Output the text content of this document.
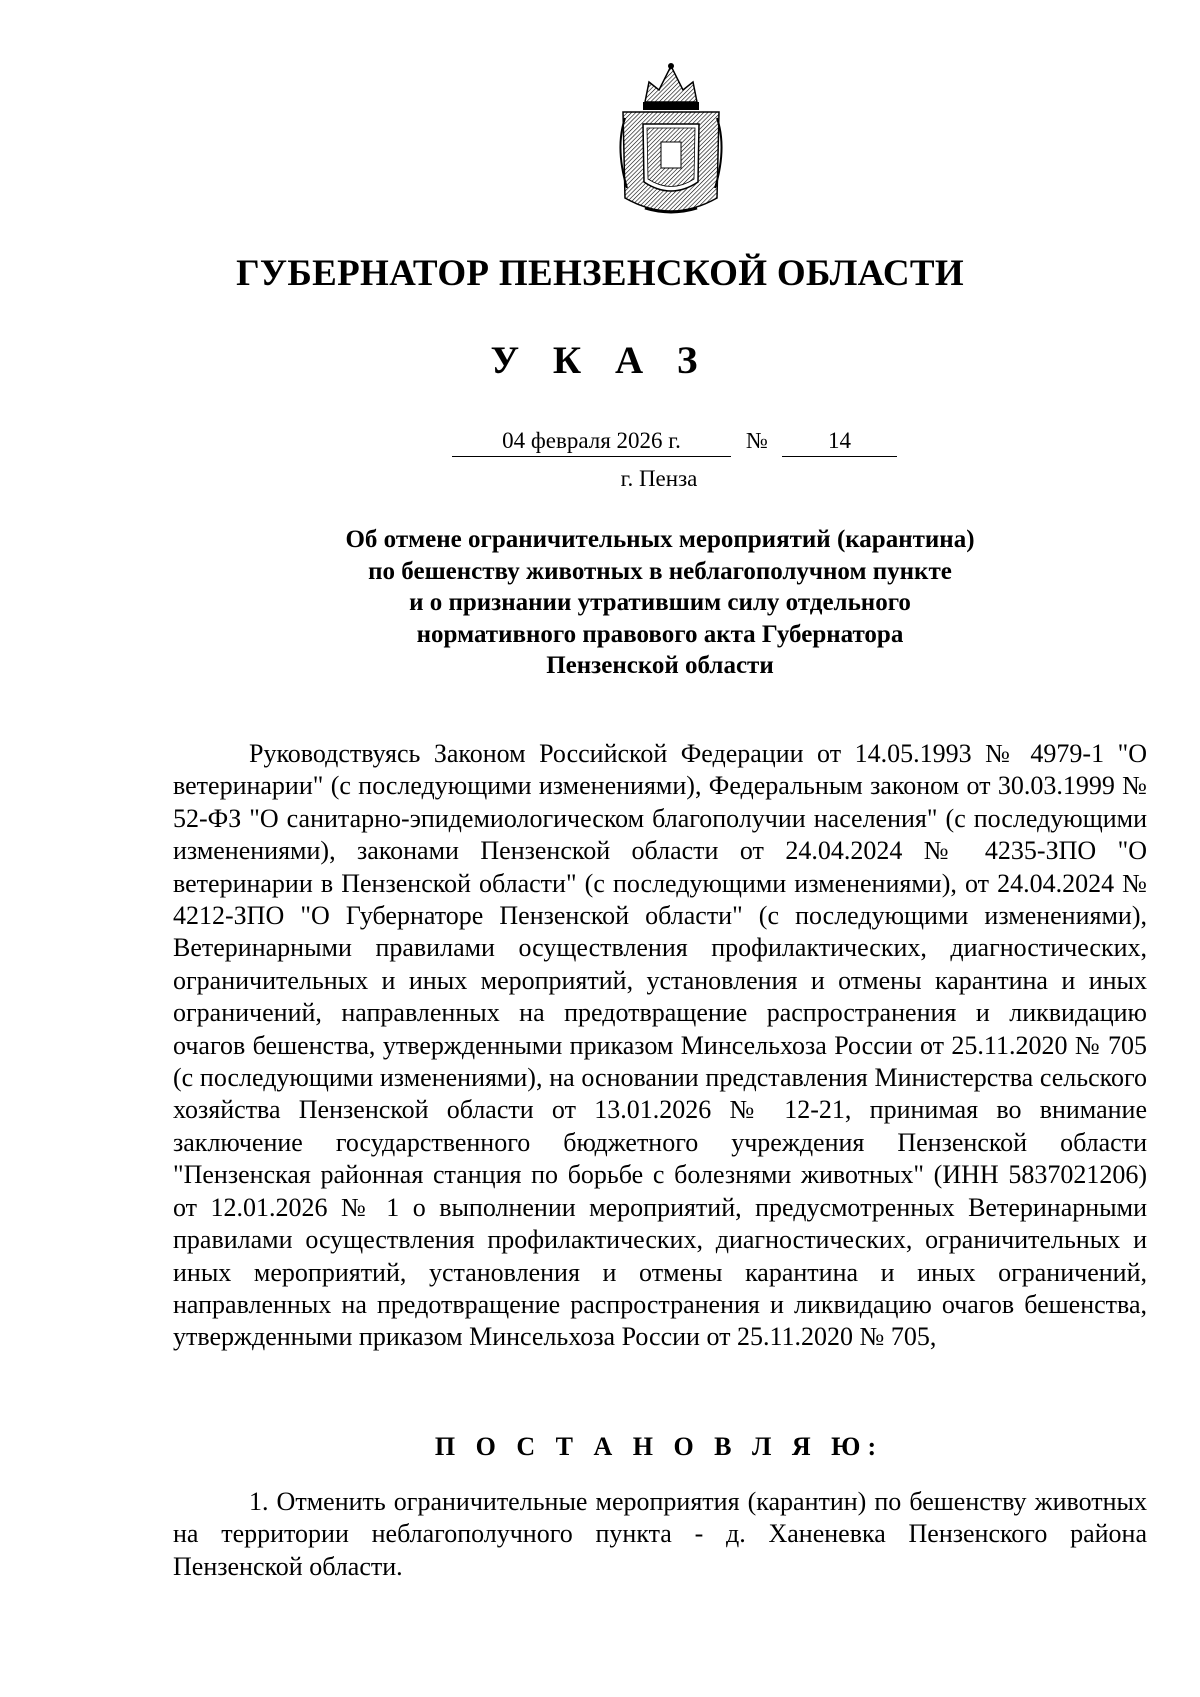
ГУБЕРНАТОР ПЕНЗЕНСКОЙ ОБЛАСТИ
У К А З
04 февраля 2026 г.	№	14
г. Пенза
Об отмене ограничительных мероприятий (карантина)
по бешенству животных в неблагополучном пункте
и о признании утратившим силу отдельного
нормативного правового акта Губернатора
Пензенской области

Руководствуясь Законом Российской Федерации от 14.05.1993 № 4979-1 "О ветеринарии" (с последующими изменениями), Федеральным законом от 30.03.1999 № 52-ФЗ "О санитарно-эпидемиологическом благополучии населения" (с последующими изменениями), законами Пензенской области от 24.04.2024 № 4235-ЗПО "О ветеринарии в Пензенской области" (с последующими изменениями), от 24.04.2024 № 4212-ЗПО "О Губернаторе Пензенской области" (с последующими изменениями), Ветеринарными правилами осуществления профилактических, диагностических, ограничительных и иных мероприятий, установления и отмены карантина и иных ограничений, направленных на предотвращение распространения и ликвидацию очагов бешенства, утвержденными приказом Минсельхоза России от 25.11.2020 № 705 (с последующими изменениями), на основании представления Министерства сельского хозяйства Пензенской области от 13.01.2026 № 12-21, принимая во внимание заключение государственного бюджетного учреждения Пензенской области "Пензенская районная станция по борьбе с болезнями животных" (ИНН 5837021206) от 12.01.2026 № 1 о выполнении мероприятий, предусмотренных Ветеринарными правилами осуществления профилактических, диагностических, ограничительных и иных мероприятий, установления и отмены карантина и иных ограничений, направленных на предотвращение распространения и ликвидацию очагов бешенства, утвержденными приказом Минсельхоза России от 25.11.2020 № 705,

П О С Т А Н О В Л Я Ю:

1. Отменить ограничительные мероприятия (карантин) по бешенству животных на территории неблагополучного пункта - д. Ханеневка Пензенского района Пензенской области.
